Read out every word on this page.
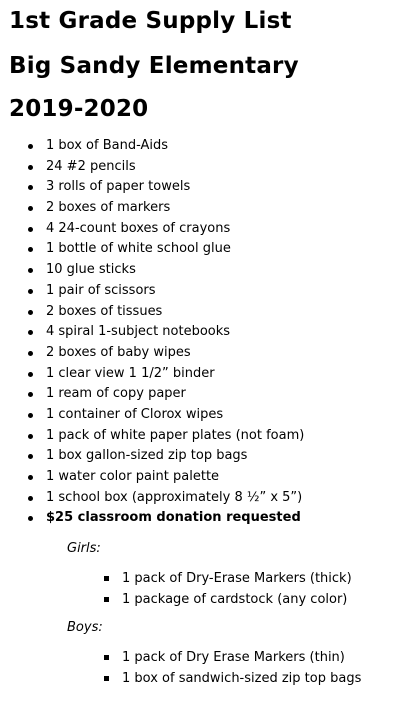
1st Grade Supply List
Big Sandy Elementary
2019-2020
1 box of Band-Aids
24 #2 pencils
3 rolls of paper towels
2 boxes of markers
4 24-count boxes of crayons
1 bottle of white school glue
10 glue sticks
1 pair of scissors
2 boxes of tissues
4 spiral 1-subject notebooks
2 boxes of baby wipes
1 clear view 1 1/2” binder
1 ream of copy paper
1 container of Clorox wipes
1 pack of white paper plates (not foam)
1 box gallon-sized zip top bags
1 water color paint palette
1 school box (approximately 8 ½” x 5”)
$25 classroom donation requested

Girls:

1 pack of Dry-Erase Markers (thick)
1 package of cardstock (any color)

Boys:

1 pack of Dry Erase Markers (thin)
1 box of sandwich-sized zip top bags
